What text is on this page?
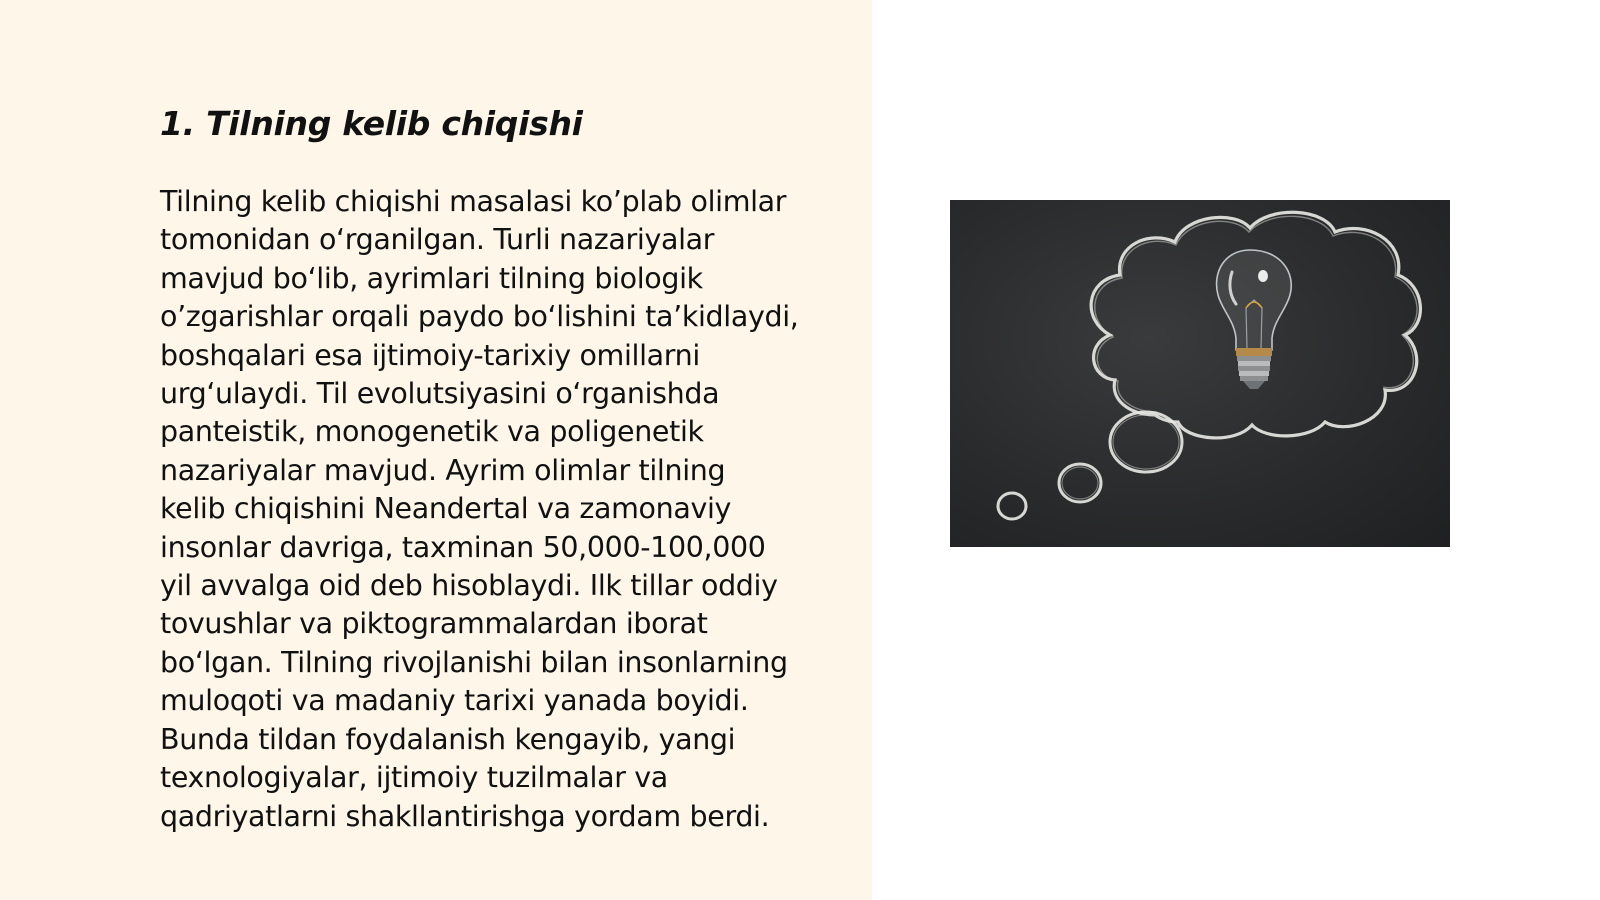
1. Tilning kelib chiqishi

Tilning kelib chiqishi masalasi ko’plab olimlar
tomonidan o‘rganilgan. Turli nazariyalar
mavjud bo‘lib, ayrimlari tilning biologik
o’zgarishlar orqali paydo bo‘lishini ta’kidlaydi,
boshqalari esa ijtimoiy-tarixiy omillarni
urg‘ulaydi. Til evolutsiyasini o‘rganishda
panteistik, monogenetik va poligenetik
nazariyalar mavjud. Ayrim olimlar tilning
kelib chiqishini Neandertal va zamonaviy
insonlar davriga, taxminan 50,000-100,000
yil avvalga oid deb hisoblaydi. Ilk tillar oddiy
tovushlar va piktogrammalardan iborat
bo‘lgan. Tilning rivojlanishi bilan insonlarning
muloqoti va madaniy tarixi yanada boyidi.
Bunda tildan foydalanish kengayib, yangi
texnologiyalar, ijtimoiy tuzilmalar va
qadriyatlarni shakllantirishga yordam berdi.
